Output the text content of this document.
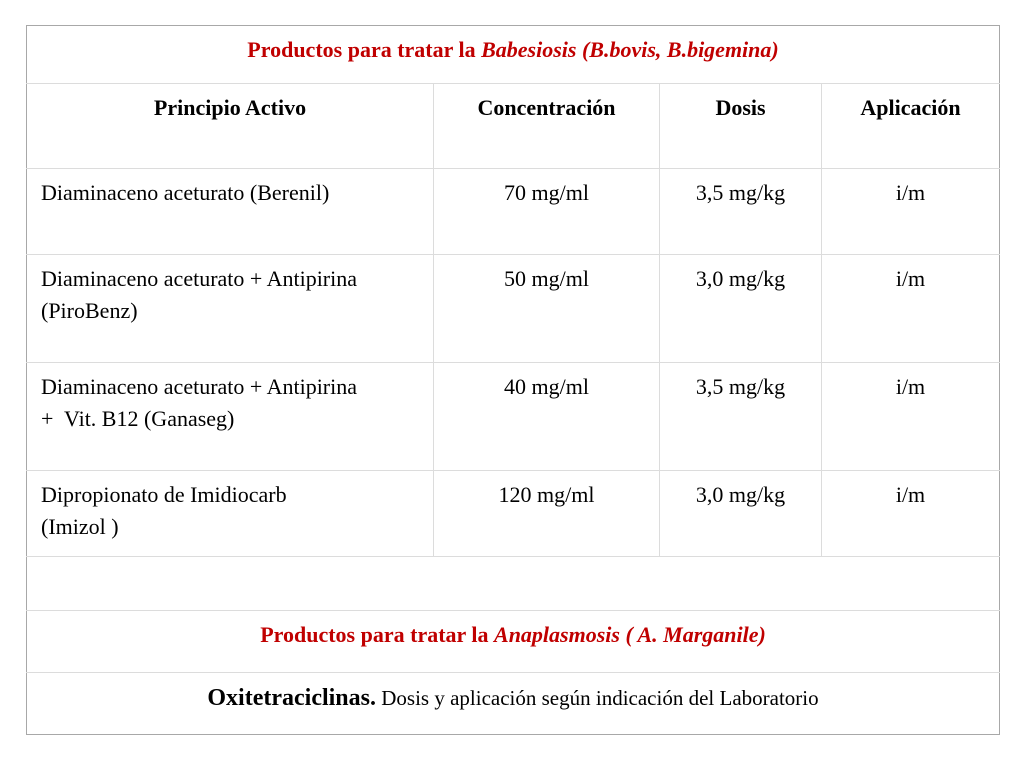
Productos para tratar la Babesiosis (B.bovis, B.bigemina)			
Principio Activo	Concentración	Dosis	Aplicación
Diaminaceno aceturato (Berenil)	70 mg/ml	3,5 mg/kg	i/m
Diaminaceno aceturato + Antipirina
(PiroBenz)	50 mg/ml	3,0 mg/kg	i/m
Diaminaceno aceturato + Antipirina
+  Vit. B12 (Ganaseg)	40 mg/ml	3,5 mg/kg	i/m
Dipropionato de Imidiocarb
(Imizol )	120 mg/ml	3,0 mg/kg	i/m

Productos para tratar la Anaplasmosis ( A. Marganile)			
Oxitetraciclinas. Dosis y aplicación según indicación del Laboratorio			
